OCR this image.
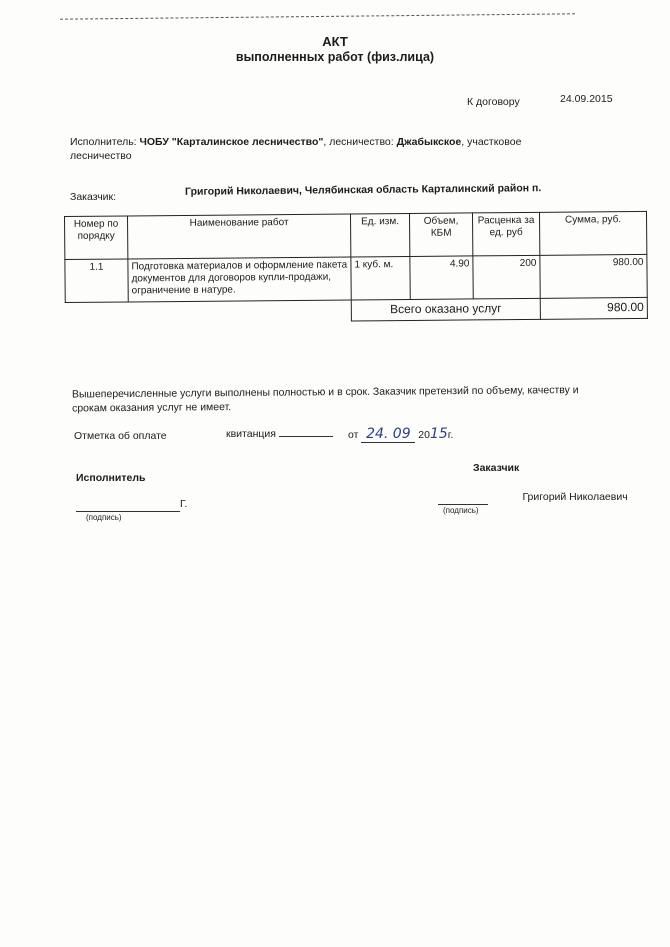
АКТ
выполненных работ (физ.лица)
К договору	24.09.2015
Исполнитель: ЧОБУ "Карталинское лесничество", лесничество: Джабыкское, участковое
лесничество
Заказчик:	Григорий Николаевич, Челябинская область Карталинский район п.
Номер по порядку	Наименование работ	Ед. изм.	Объем, КБМ	Расценка за ед. руб	Сумма, руб.
1.1	Подготовка материалов и оформление пакета документов для договоров купли-продажи, ограничение в натуре.	1 куб. м.	4.90	200	980.00
		Всего оказано услуг			980.00
Вышеперечисленные услуги выполнены полностью и в срок. Заказчик претензий по объему, качеству и
срокам оказания услуг не имеет.
Отметка об оплате	квитанция	от 24. 09 2015г.
Заказчик
Исполнитель
Г.
(подпись)
Григорий Николаевич
(подпись)
